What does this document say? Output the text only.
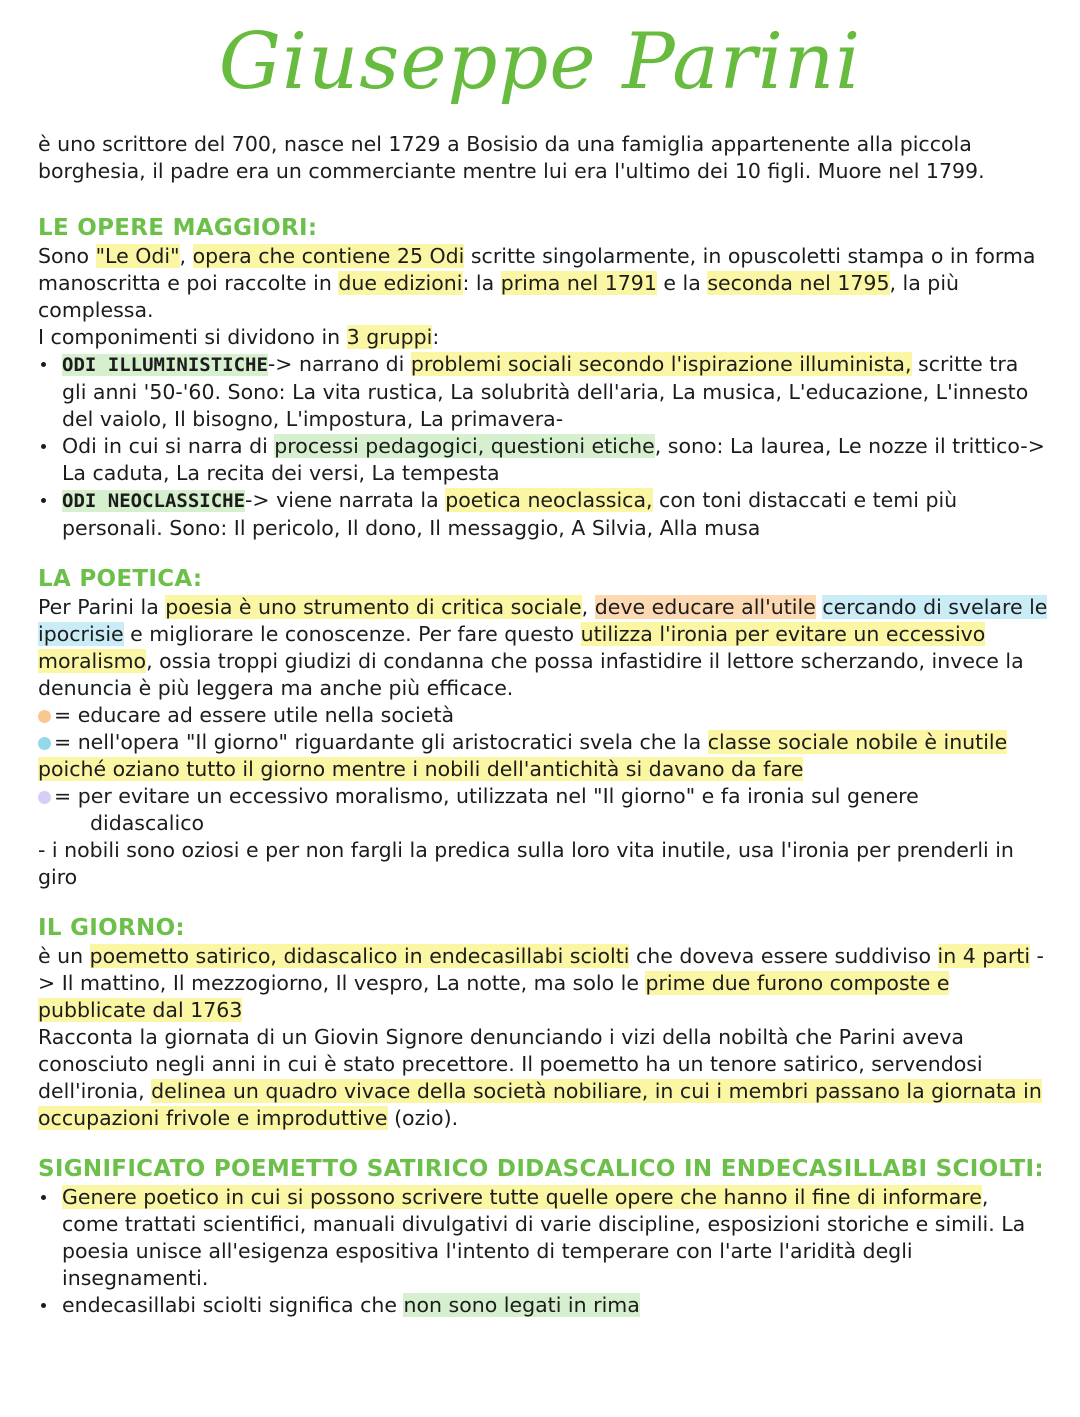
Giuseppe Parini

è uno scrittore del 700, nasce nel 1729 a Bosisio da una famiglia appartenente alla piccola borghesia, il padre era un commerciante mentre lui era l'ultimo dei 10 figli. Muore nel 1799.

LE OPERE MAGGIORI:

Sono "Le Odi", opera che contiene 25 Odi scritte singolarmente, in opuscoletti stampa o in forma manoscritta e poi raccolte in due edizioni: la prima nel 1791 e la seconda nel 1795, la più complessa.

I componimenti si dividono in 3 gruppi:

ODI ILLUMINISTICHE-> narrano di problemi sociali secondo l'ispirazione illuminista, scritte tra gli anni '50-'60. Sono: La vita rustica, La solubrità dell'aria, La musica, L'educazione, L'innesto del vaiolo, Il bisogno, L'impostura, La primavera-
Odi in cui si narra di processi pedagogici, questioni etiche, sono: La laurea, Le nozze il trittico-> La caduta, La recita dei versi, La tempesta
ODI NEOCLASSICHE-> viene narrata la poetica neoclassica, con toni distaccati e temi più personali. Sono: Il pericolo, Il dono, Il messaggio, A Silvia, Alla musa
LA POETICA:

Per Parini la poesia è uno strumento di critica sociale, deve educare all'utile cercando di svelare le ipocrisie e migliorare le conoscenze. Per fare questo utilizza l'ironia per evitare un eccessivo moralismo, ossia troppi giudizi di condanna che possa infastidire il lettore scherzando, invece la denuncia è più leggera ma anche più efficace.

= educare ad essere utile nella società

= nell'opera "Il giorno" riguardante gli aristocratici svela che la classe sociale nobile è inutile poiché oziano tutto il giorno mentre i nobili dell'antichità si davano da fare

= per evitare un eccessivo moralismo, utilizzata nel "Il giorno" e fa ironia sul genere

didascalico

- i nobili sono oziosi e per non fargli la predica sulla loro vita inutile, usa l'ironia per prenderli in giro

IL GIORNO:

è un poemetto satirico, didascalico in endecasillabi sciolti che doveva essere suddiviso in 4 parti -> Il mattino, Il mezzogiorno, Il vespro, La notte, ma solo le prime due furono composte e pubblicate dal 1763

Racconta la giornata di un Giovin Signore denunciando i vizi della nobiltà che Parini aveva conosciuto negli anni in cui è stato precettore. Il poemetto ha un tenore satirico, servendosi dell'ironia, delinea un quadro vivace della società nobiliare, in cui i membri passano la giornata in occupazioni frivole e improduttive (ozio).

SIGNIFICATO POEMETTO SATIRICO DIDASCALICO IN ENDECASILLABI SCIOLTI:
Genere poetico in cui si possono scrivere tutte quelle opere che hanno il fine di informare, come trattati scientifici, manuali divulgativi di varie discipline, esposizioni storiche e simili. La poesia unisce all'esigenza espositiva l'intento di temperare con l'arte l'aridità degli insegnamenti.
endecasillabi sciolti significa che non sono legati in rima
